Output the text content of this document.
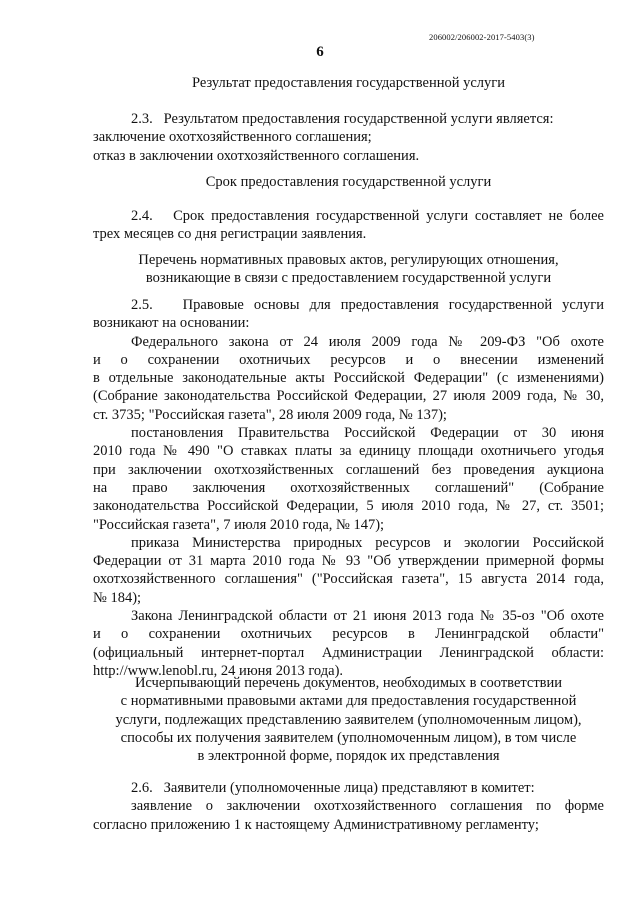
206002/206002-2017-5403(3)
6
Результат предоставления государственной услуги
2.3. Результатом предоставления государственной услуги является:
заключение охотхозяйственного соглашения;
отказ в заключении охотхозяйственного соглашения.
Срок предоставления государственной услуги
2.4. Срок предоставления государственной услуги составляет не более
трех месяцев со дня регистрации заявления.
Перечень нормативных правовых актов, регулирующих отношения,
возникающие в связи с предоставлением государственной услуги
2.5. Правовые основы для предоставления государственной услуги
возникают на основании:
Федерального закона от 24 июля 2009 года № 209-ФЗ "Об охоте
и о сохранении охотничьих ресурсов и о внесении изменений
в отдельные законодательные акты Российской Федерации" (с изменениями)
(Собрание законодательства Российской Федерации, 27 июля 2009 года, № 30,
ст. 3735; "Российская газета", 28 июля 2009 года, № 137);
постановления Правительства Российской Федерации от 30 июня
2010 года № 490 "О ставках платы за единицу площади охотничьего угодья
при заключении охотхозяйственных соглашений без проведения аукциона
на право заключения охотхозяйственных соглашений" (Собрание
законодательства Российской Федерации, 5 июля 2010 года, № 27, ст. 3501;
"Российская газета", 7 июля 2010 года, № 147);
приказа Министерства природных ресурсов и экологии Российской
Федерации от 31 марта 2010 года № 93 "Об утверждении примерной формы
охотхозяйственного соглашения" ("Российская газета", 15 августа 2014 года,
№ 184);
Закона Ленинградской области от 21 июня 2013 года № 35-оз "Об охоте
и о сохранении охотничьих ресурсов в Ленинградской области"
(официальный интернет-портал Администрации Ленинградской области:
http://www.lenobl.ru, 24 июня 2013 года).
Исчерпывающий перечень документов, необходимых в соответствии
с нормативными правовыми актами для предоставления государственной
услуги, подлежащих представлению заявителем (уполномоченным лицом),
способы их получения заявителем (уполномоченным лицом), в том числе
в электронной форме, порядок их представления
2.6. Заявители (уполномоченные лица) представляют в комитет:
заявление о заключении охотхозяйственного соглашения по форме
согласно приложению 1 к настоящему Административному регламенту;
